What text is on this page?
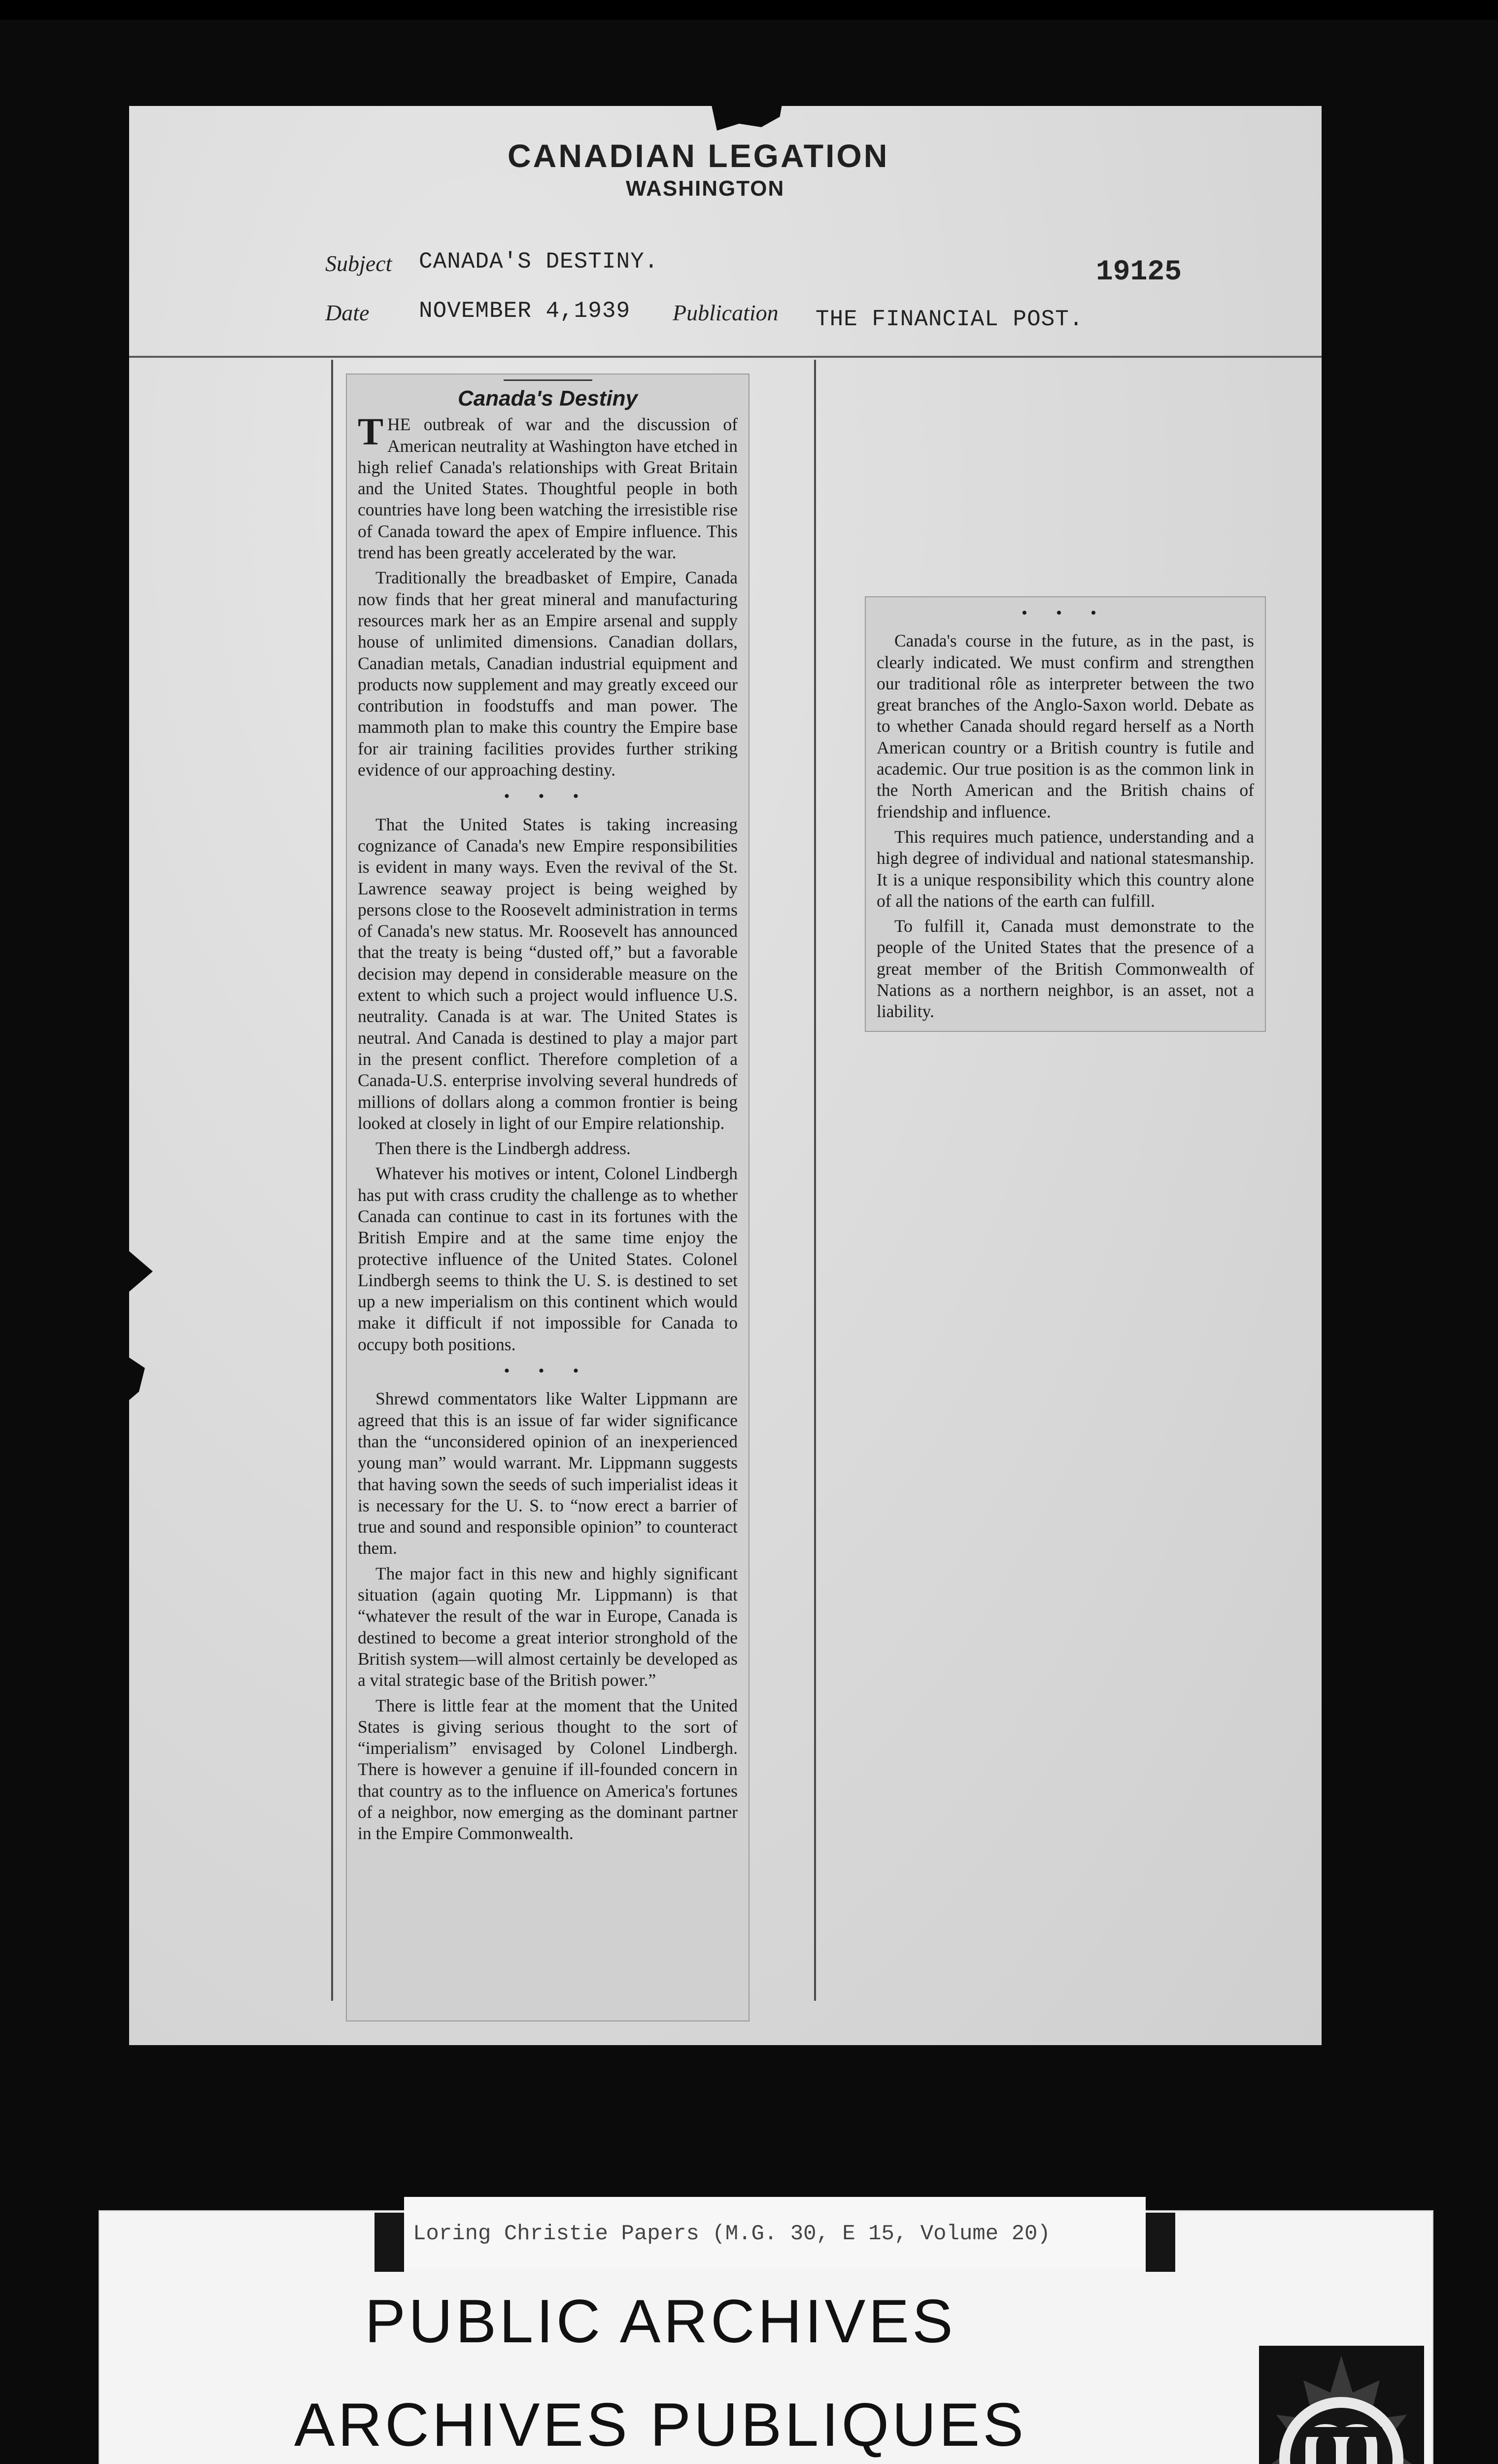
CANADIAN LEGATION
WASHINGTON
Subject CANADA'S DESTINY.	19125
Date NOVEMBER 4,1939 Publication THE FINANCIAL POST.
Canada's Destiny

THE outbreak of war and the discussion of American neutrality at Washington have etched in high relief Canada's relationships with Great Britain and the United States. Thoughtful people in both countries have long been watching the irresistible rise of Canada toward the apex of Empire influence. This trend has been greatly accelerated by the war.

Traditionally the breadbasket of Empire, Canada now finds that her great mineral and manufacturing resources mark her as an Empire arsenal and supply house of unlimited dimensions. Canadian dollars, Canadian metals, Canadian industrial equipment and products now supplement and may greatly exceed our contribution in foodstuffs and man power. The mammoth plan to make this country the Empire base for air training facilities provides further striking evidence of our approaching destiny.

• • •

That the United States is taking increasing cognizance of Canada's new Empire responsibilities is evident in many ways. Even the revival of the St. Lawrence seaway project is being weighed by persons close to the Roosevelt administration in terms of Canada's new status. Mr. Roosevelt has announced that the treaty is being “dusted off,” but a favorable decision may depend in considerable measure on the extent to which such a project would influence U.S. neutrality. Canada is at war. The United States is neutral. And Canada is destined to play a major part in the present conflict. Therefore completion of a Canada-U.S. enterprise involving several hundreds of millions of dollars along a common frontier is being looked at closely in light of our Empire relationship.

Then there is the Lindbergh address.

Whatever his motives or intent, Colonel Lindbergh has put with crass crudity the challenge as to whether Canada can continue to cast in its fortunes with the British Empire and at the same time enjoy the protective influence of the United States. Colonel Lindbergh seems to think the U. S. is destined to set up a new imperialism on this continent which would make it difficult if not impossible for Canada to occupy both positions.

• • •

Shrewd commentators like Walter Lippmann are agreed that this is an issue of far wider significance than the “unconsidered opinion of an inexperienced young man” would warrant. Mr. Lippmann suggests that having sown the seeds of such imperialist ideas it is necessary for the U. S. to “now erect a barrier of true and sound and responsible opinion” to counteract them.

The major fact in this new and highly significant situation (again quoting Mr. Lippmann) is that “whatever the result of the war in Europe, Canada is destined to become a great interior stronghold of the British system—will almost certainly be developed as a vital strategic base of the British power.”

There is little fear at the moment that the United States is giving serious thought to the sort of “imperialism” envisaged by Colonel Lindbergh. There is however a genuine if ill-founded concern in that country as to the influence on America's fortunes of a neighbor, now emerging as the dominant partner in the Empire Commonwealth.

• • •

Canada's course in the future, as in the past, is clearly indicated. We must confirm and strengthen our traditional rôle as interpreter between the two great branches of the Anglo-Saxon world. Debate as to whether Canada should regard herself as a North American country or a British country is futile and academic. Our true position is as the common link in the North American and the British chains of friendship and influence.

This requires much patience, understanding and a high degree of individual and national statesmanship. It is a unique responsibility which this country alone of all the nations of the earth can fulfill.

To fulfill it, Canada must demonstrate to the people of the United States that the presence of a great member of the British Commonwealth of Nations as a northern neighbor, is an asset, not a liability.

Loring Christie Papers (M.G. 30, E 15, Volume 20)
PUBLIC ARCHIVES
ARCHIVES PUBLIQUES
